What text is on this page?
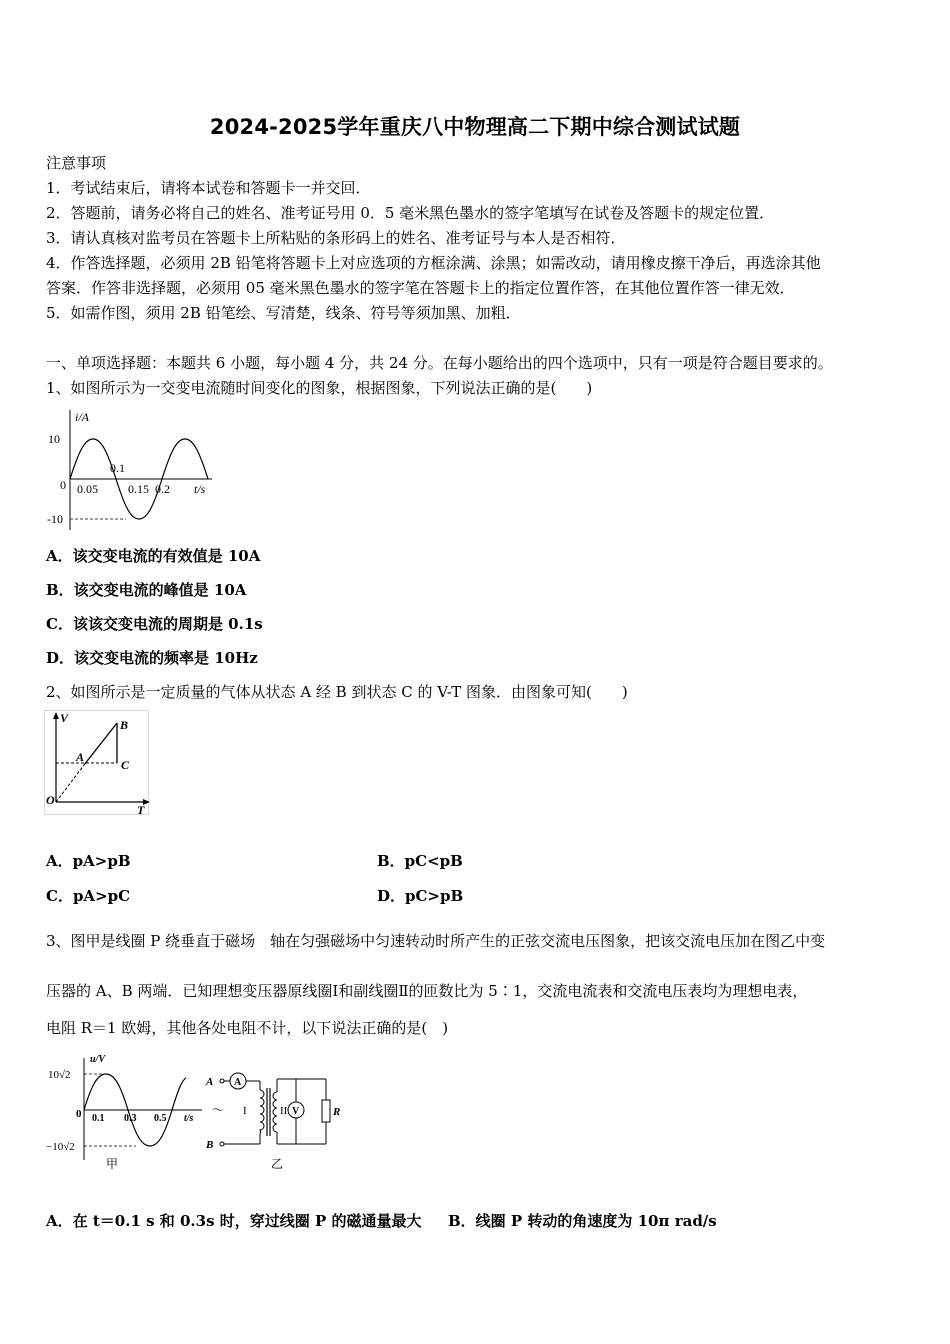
2024-2025学年重庆八中物理高二下期中综合测试试题
注意事项
1．考试结束后，请将本试卷和答题卡一并交回．
2．答题前，请务必将自己的姓名、准考证号用 0．5 毫米黑色墨水的签字笔填写在试卷及答题卡的规定位置．
3．请认真核对监考员在答题卡上所粘贴的条形码上的姓名、准考证号与本人是否相符．
4．作答选择题，必须用 2B 铅笔将答题卡上对应选项的方框涂满、涂黑；如需改动，请用橡皮擦干净后，再选涂其他
答案．作答非选择题，必须用 05 毫米黑色墨水的签字笔在答题卡上的指定位置作答，在其他位置作答一律无效．
5．如需作图，须用 2B 铅笔绘、写清楚，线条、符号等须加黑、加粗．
一、单项选择题：本题共 6 小题，每小题 4 分，共 24 分。在每小题给出的四个选项中，只有一项是符合题目要求的。
1、如图所示为一交变电流随时间变化的图象，根据图象，下列说法正确的是(　　)
i/A
10
0
-10
0.05
0.1
0.15 0.2 t/s
A．该交变电流的有效值是 10A
B．该交变电流的峰值是 10A
C．该该交变电流的周期是 0.1s
D．该交变电流的频率是 10Hz
2、如图所示是一定质量的气体从状态 A 经 B 到状态 C 的 V-T 图象．由图象可知(　　)
V
O
T
A
B
C
A．pA>pB	B．pC<pB
C．pA>pC	D．pC>pB
3、图甲是线圈 P 绕垂直于磁场　轴在匀强磁场中匀速转动时所产生的正弦交流电压图象，把该交流电压加在图乙中变
压器的 A、B 两端．已知理想变压器原线圈Ⅰ和副线圈Ⅱ的匝数比为 5∶1，交流电流表和交流电压表均为理想电表，
电阻 R＝1 欧姆，其他各处电阻不计，以下说法正确的是(　)
u/V
10√2
0
−10√2
0.1 0.3 0.5 t/s
甲
A
B
A
～ I	II V	R
乙
A．在 t＝0.1 s 和 0.3s 时，穿过线圈 P 的磁通量最大 B．线圈 P 转动的角速度为 10π rad/s
